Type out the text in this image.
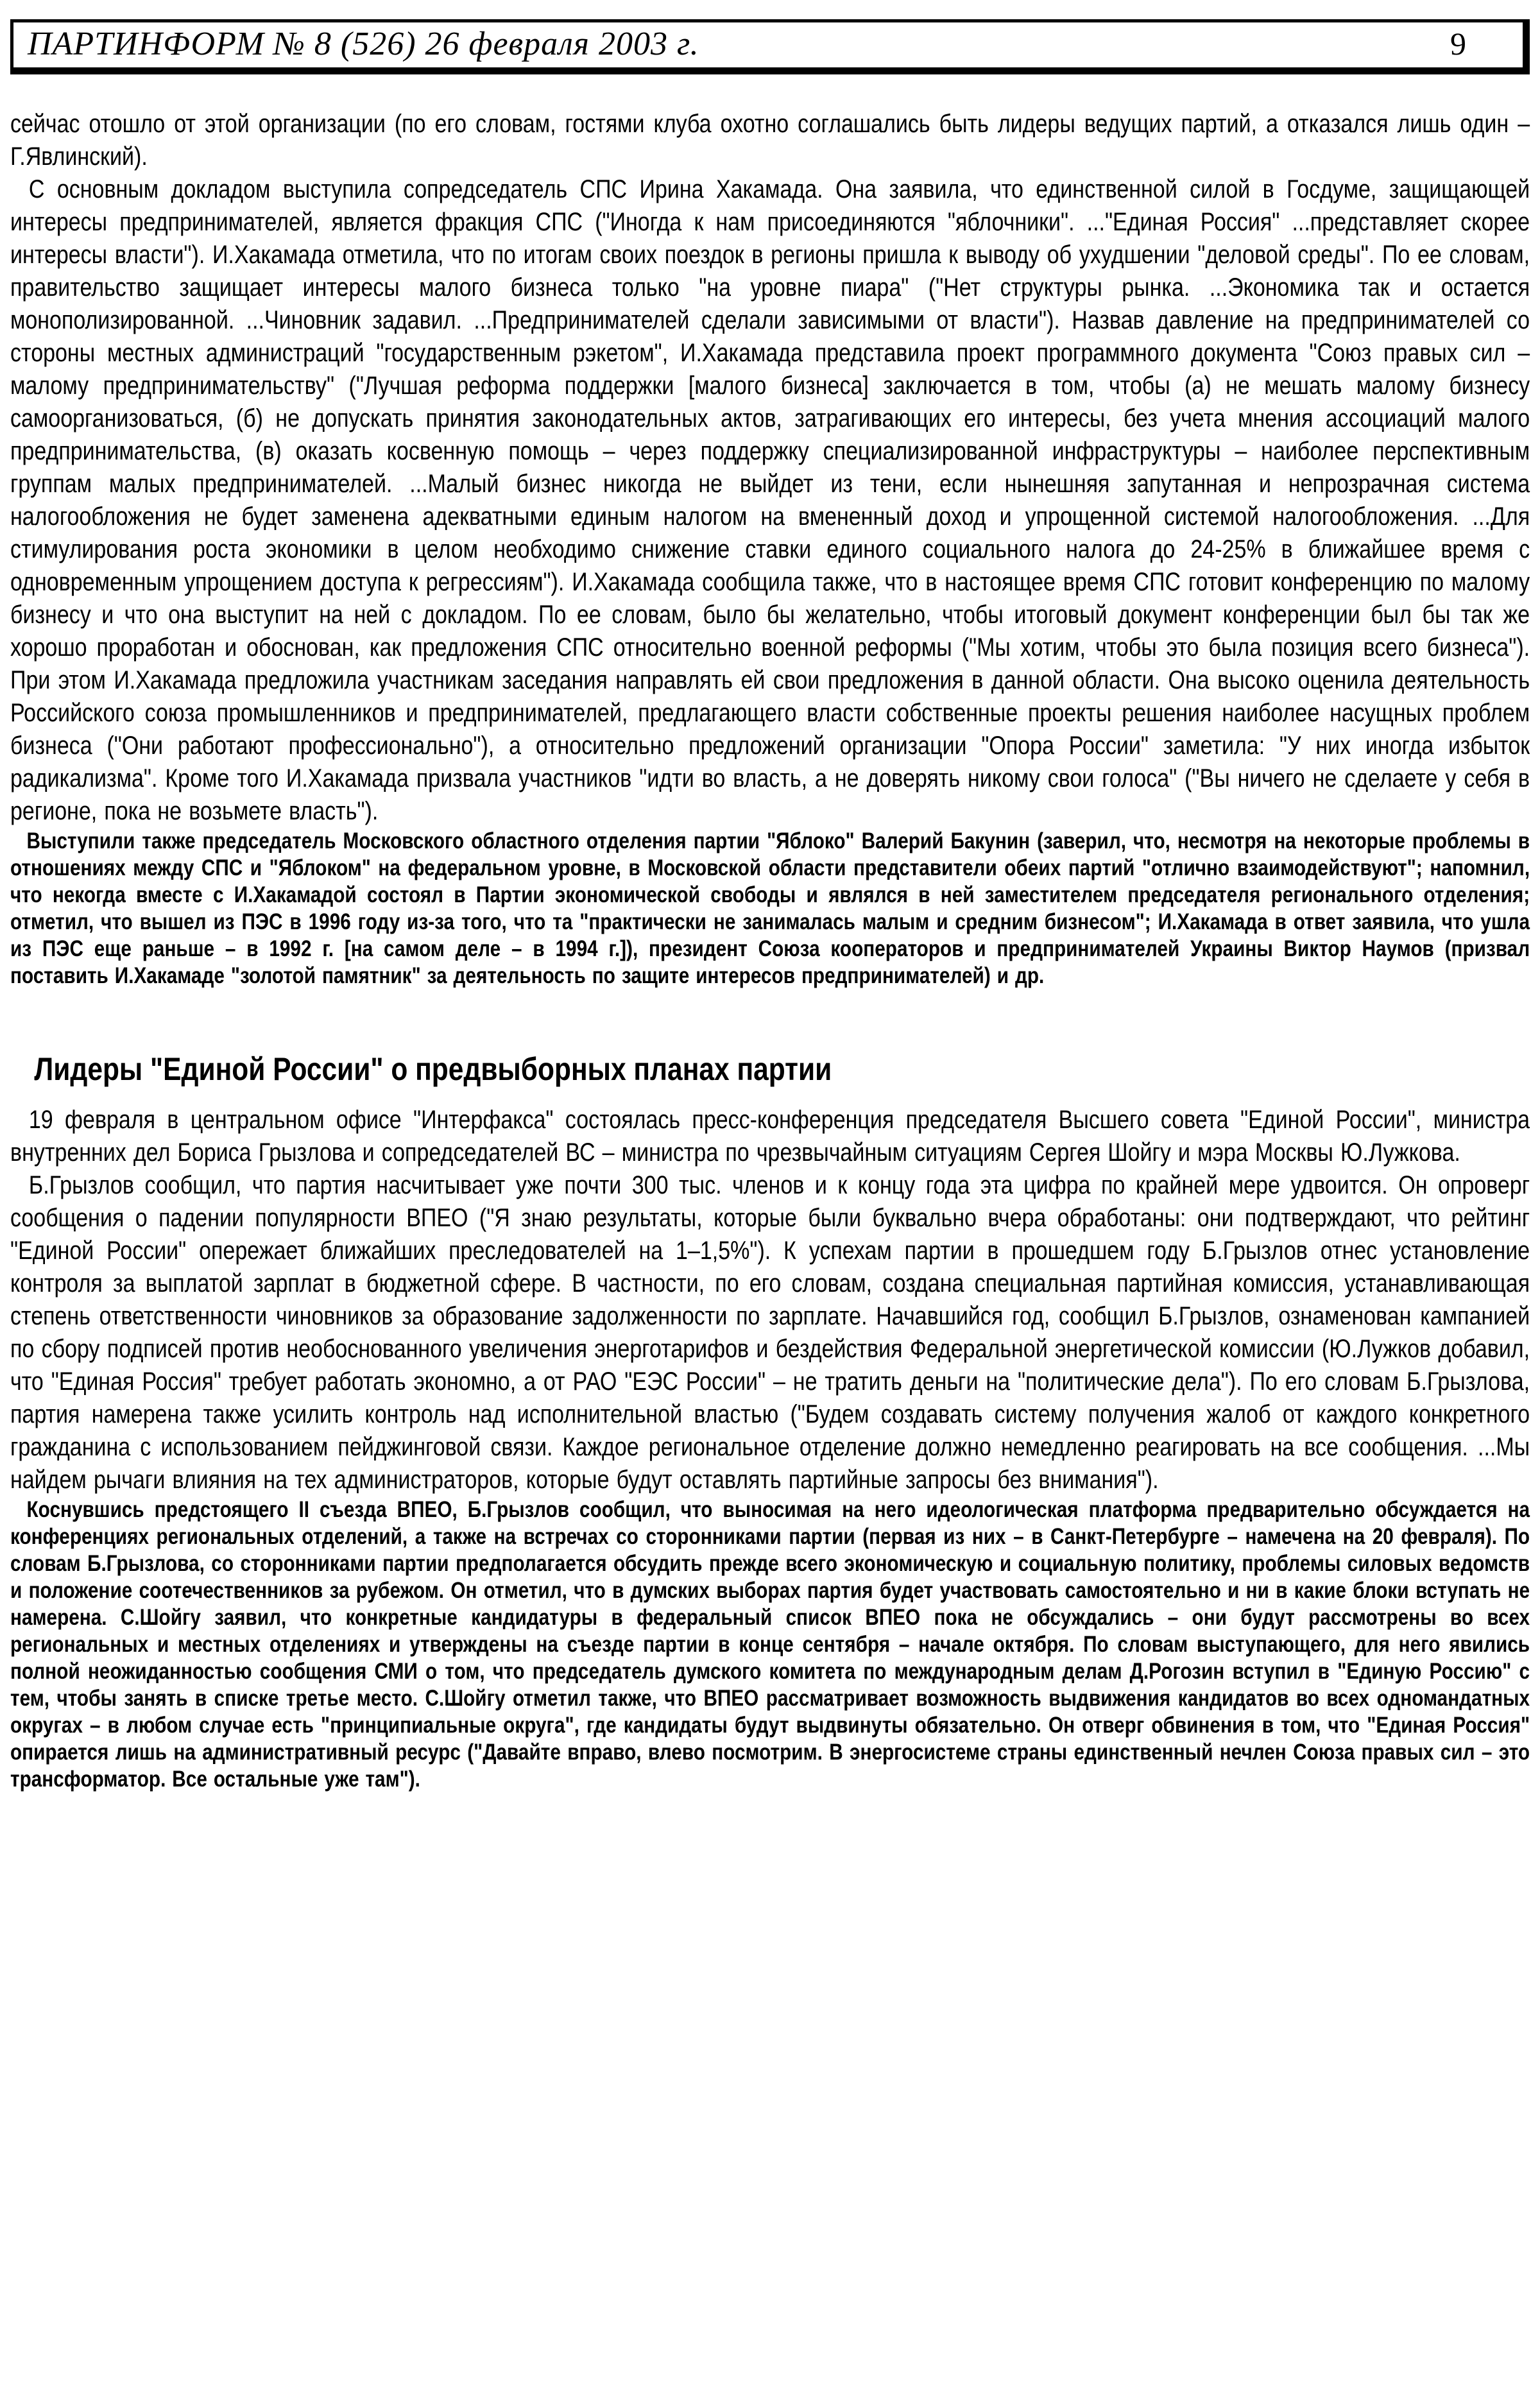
ПАРТИНФОРМ № 8 (526) 26 февраля 2003 г.	9

сейчас отошло от этой организации (по его словам, гостями клуба охотно соглашались быть лидеры ведущих партий, а отказался лишь один – Г.Явлинский).

С основным докладом выступила сопредседатель СПС Ирина Хакамада. Она заявила, что единственной силой в Госдуме, защищающей интересы предпринимателей, является фракция СПС ("Иногда к нам присоединяются "яблочники". ..."Единая Россия" ...представляет скорее интересы власти"). И.Хакамада отметила, что по итогам своих поездок в регионы пришла к выводу об ухудшении "деловой среды". По ее словам, правительство защищает интересы малого бизнеса только "на уровне пиара" ("Нет структуры рынка. ...Экономика так и остается монополизированной. ...Чиновник задавил. ...Предпринимателей сделали зависимыми от власти"). Назвав давление на предпринимателей со стороны местных администраций "государственным рэкетом", И.Хакамада представила проект программного документа "Союз правых сил – малому предпринимательству" ("Лучшая реформа поддержки [малого бизнеса] заключается в том, чтобы (а) не мешать малому бизнесу самоорганизоваться, (б) не допускать принятия законодательных актов, затрагивающих его интересы, без учета мнения ассоциаций малого предпринимательства, (в) оказать косвенную помощь – через поддержку специализированной инфраструктуры – наиболее перспективным группам малых предпринимателей. ...Малый бизнес никогда не выйдет из тени, если нынешняя запутанная и непрозрачная система налогообложения не будет заменена адекватными единым налогом на вмененный доход и упрощенной системой налогообложения. ...Для стимулирования роста экономики в целом необходимо снижение ставки единого социального налога до 24-25% в ближайшее время с одновременным упрощением доступа к регрессиям"). И.Хакамада сообщила также, что в настоящее время СПС готовит конференцию по малому бизнесу и что она выступит на ней с докладом. По ее словам, было бы желательно, чтобы итоговый документ конференции был бы так же хорошо проработан и обоснован, как предложения СПС относительно военной реформы ("Мы хотим, чтобы это была позиция всего бизнеса"). При этом И.Хакамада предложила участникам заседания направлять ей свои предложения в данной области. Она высоко оценила деятельность Российского союза промышленников и предпринимателей, предлагающего власти собственные проекты решения наиболее насущных проблем бизнеса ("Они работают профессионально"), а относительно предложений организации "Опора России" заметила: "У них иногда избыток радикализма". Кроме того И.Хакамада призвала участников "идти во власть, а не доверять никому свои голоса" ("Вы ничего не сделаете у себя в регионе, пока не возьмете власть").

Выступили также председатель Московского областного отделения партии "Яблоко" Валерий Бакунин (заверил, что, несмотря на некоторые проблемы в отношениях между СПС и "Яблоком" на федеральном уровне, в Московской области представители обеих партий "отлично взаимодействуют"; напомнил, что некогда вместе с И.Хакамадой состоял в Партии экономической свободы и являлся в ней заместителем председателя регионального отделения; отметил, что вышел из ПЭС в 1996 году из-за того, что та "практически не занималась малым и средним бизнесом"; И.Хакамада в ответ заявила, что ушла из ПЭС еще раньше – в 1992 г. [на самом деле – в 1994 г.]), президент Союза кооператоров и предпринимателей Украины Виктор Наумов (призвал поставить И.Хакамаде "золотой памятник" за деятельность по защите интересов предпринимателей) и др.

Лидеры "Единой России" о предвыборных планах партии

19 февраля в центральном офисе "Интерфакса" состоялась пресс-конференция председателя Высшего совета "Единой России", министра внутренних дел Бориса Грызлова и сопредседателей ВС – министра по чрезвычайным ситуациям Сергея Шойгу и мэра Москвы Ю.Лужкова.

Б.Грызлов сообщил, что партия насчитывает уже почти 300 тыс. членов и к концу года эта цифра по крайней мере удвоится. Он опроверг сообщения о падении популярности ВПЕО ("Я знаю результаты, которые были буквально вчера обработаны: они подтверждают, что рейтинг "Единой России" опережает ближайших преследователей на 1–1,5%"). К успехам партии в прошедшем году Б.Грызлов отнес установление контроля за выплатой зарплат в бюджетной сфере. В частности, по его словам, создана специальная партийная комиссия, устанавливающая степень ответственности чиновников за образование задолженности по зарплате. Начавшийся год, сообщил Б.Грызлов, ознаменован кампанией по сбору подписей против необоснованного увеличения энерготарифов и бездействия Федеральной энергетической комиссии (Ю.Лужков добавил, что "Единая Россия" требует работать экономно, а от РАО "ЕЭС России" – не тратить деньги на "политические дела"). По его словам Б.Грызлова, партия намерена также усилить контроль над исполнительной властью ("Будем создавать систему получения жалоб от каждого конкретного гражданина с использованием пейджинговой связи. Каждое региональное отделение должно немедленно реагировать на все сообщения. ...Мы найдем рычаги влияния на тех администраторов, которые будут оставлять партийные запросы без внимания").

Коснувшись предстоящего II съезда ВПЕО, Б.Грызлов сообщил, что выносимая на него идеологическая платформа предварительно обсуждается на конференциях региональных отделений, а также на встречах со сторонниками партии (первая из них – в Санкт-Петербурге – намечена на 20 февраля). По словам Б.Грызлова, со сторонниками партии предполагается обсудить прежде всего экономическую и социальную политику, проблемы силовых ведомств и положение соотечественников за рубежом. Он отметил, что в думских выборах партия будет участвовать самостоятельно и ни в какие блоки вступать не намерена. С.Шойгу заявил, что конкретные кандидатуры в федеральный список ВПЕО пока не обсуждались – они будут рассмотрены во всех региональных и местных отделениях и утверждены на съезде партии в конце сентября – начале октября. По словам выступающего, для него явились полной неожиданностью сообщения СМИ о том, что председатель думского комитета по международным делам Д.Рогозин вступил в "Единую Россию" с тем, чтобы занять в списке третье место. С.Шойгу отметил также, что ВПЕО рассматривает возможность выдвижения кандидатов во всех одномандатных округах – в любом случае есть "принципиальные округа", где кандидаты будут выдвинуты обязательно. Он отверг обвинения в том, что "Единая Россия" опирается лишь на административный ресурс ("Давайте вправо, влево посмотрим. В энергосистеме страны единственный нечлен Союза правых сил – это трансформатор. Все остальные уже там").
